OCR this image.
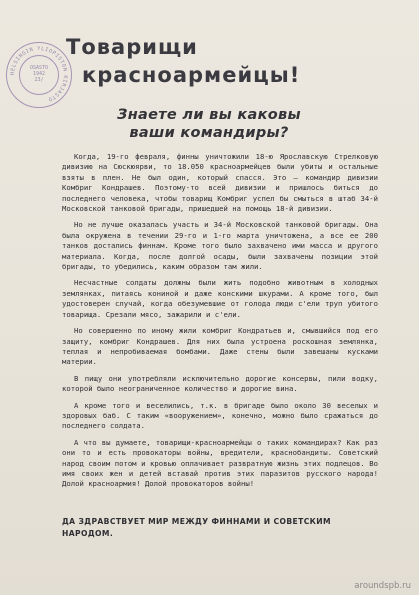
HELSINGIN YLIOPISTON KIRJASTO
OSASTO
1942
23/
Товарищи
красноармейцы!
Знаете ли вы каковы ваши командиры?

Когда, 19-го февраля, финны уничтожили 18-ю Ярославскую Стрелковую дивизию на Сюскюярви, то 18.050 красноармейцев были убиты и остальные взяты в плен. Не был один, который спасся. Это — командир дивизии Комбриг Кондрашев. Поэтому-то всей дивизии и пришлось биться до последнего человека, чтобы товарищ Комбриг успел бы смыться в штаб 34-й Московской танковой бригады, пришедшей на помощь 18-й дивизии.

Но не лучше оказалась участь и 34-й Московской танковой бригады. Она была окружена в течении 29-го и 1-го марта уничтожена, а все ее 200 танков достались финнам. Кроме того было захвачено ими масса и другого материала. Когда, после долгой осады, были захвачены позиции этой бригады, то убедились, каким образом там жили.

Несчастные солдаты должны были жить подобно животным в холодных землянках, питаясь кониной и даже конскими шкурами. А кроме того, был удостоверен случай, когда обезумевшие от голода люди с'ели труп убитого товарища. Срезали мясо, зажарили и с'ели.

Но совершенно по иному жили комбриг Кондратьев и, смывшийся под его защиту, комбриг Кондрашев. Для них была устроена роскошная землянка, теплая и непробиваемая бомбами. Даже стены были завешаны кусками материи.

В пищу они употребляли исключительно дорогие консервы, пили водку, которой было неограниченное количество и дорогие вина.

А кроме того и веселились, т.к. в бригаде было около 30 веселых и здоровых баб. С таким «вооружением», конечно, можно было сражаться до последнего солдата.

А что вы думаете, товарищи-красноармейцы о таких командирах? Как раз они то и есть провокаторы войны, вредители, краснобандиты. Советский народ своим потом и кровью оплачивает развратную жизнь этих подлецов. Во имя своих жен и детей вставай против этих паразитов русского народа! Долой красноармия! Долой провокаторов войны!

ДА ЗДРАВСТВУЕТ МИР МЕЖДУ ФИННАМИ И СОВЕТСКИМ НАРОДОМ.
aroundspb.ru
